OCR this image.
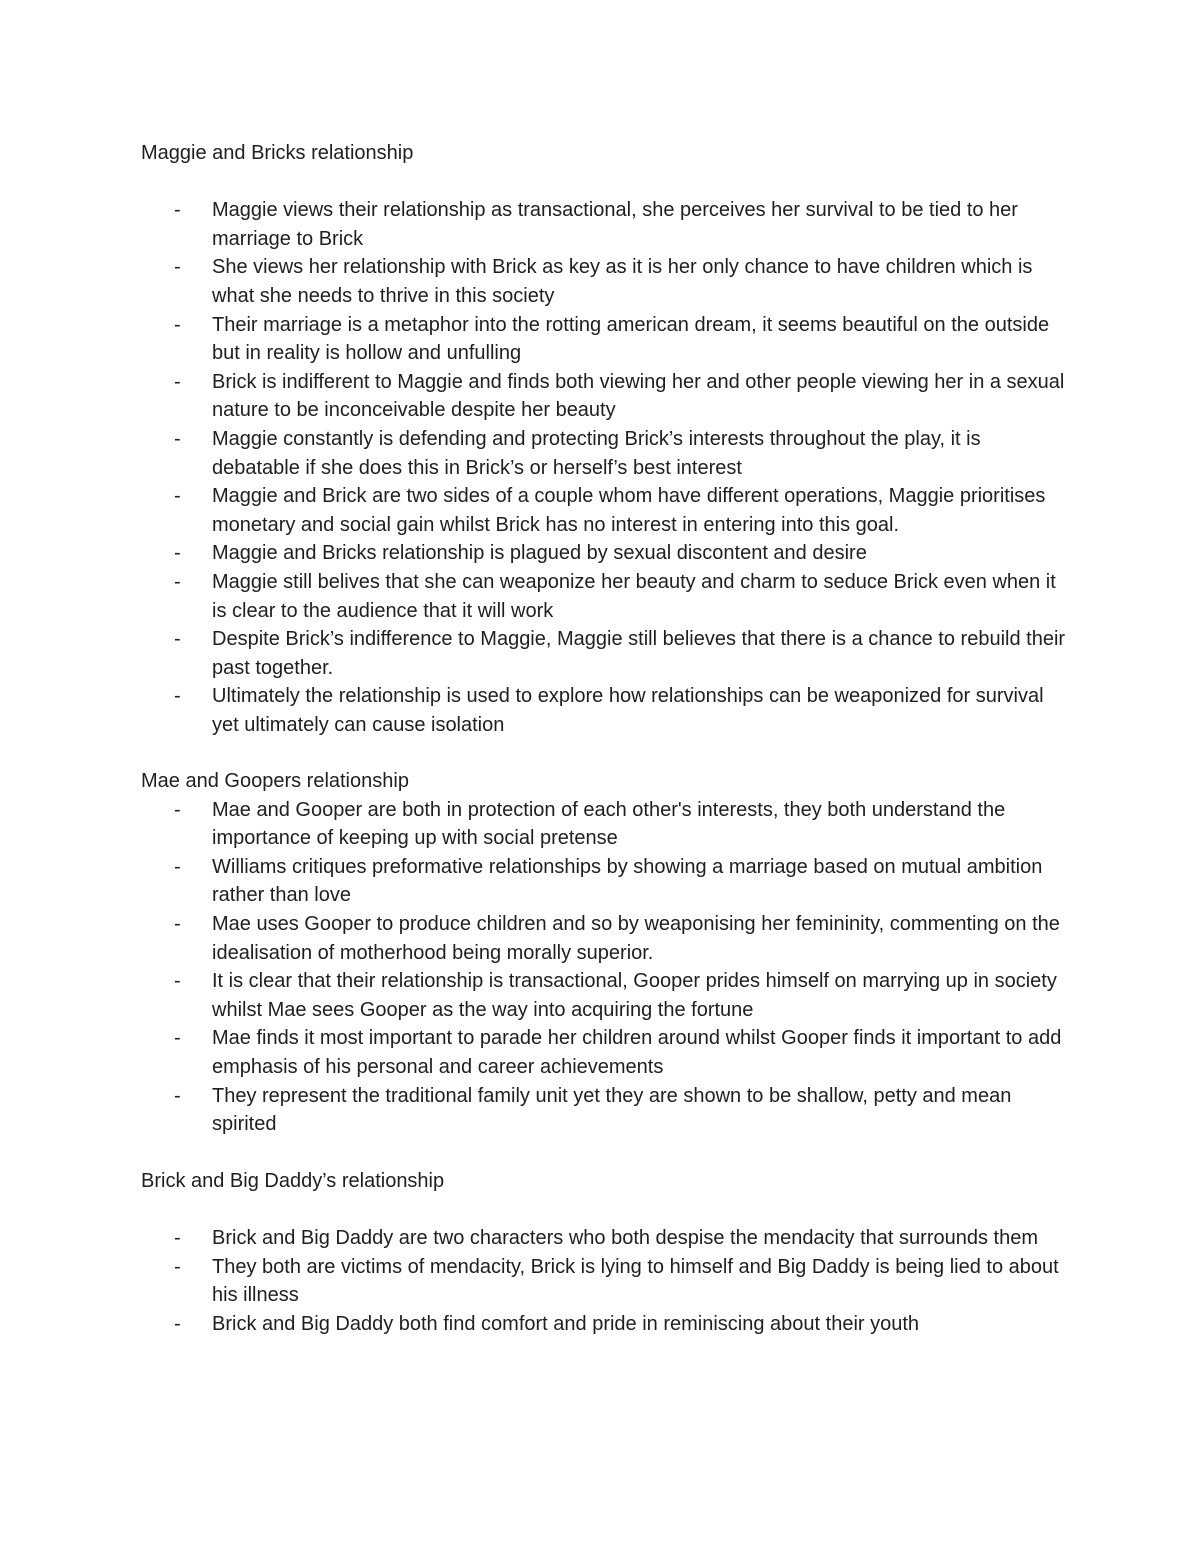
Maggie and Bricks relationship
- Maggie views their relationship as transactional, she perceives her survival to be tied to her marriage to Brick
- She views her relationship with Brick as key as it is her only chance to have children which is what she needs to thrive in this society
- Their marriage is a metaphor into the rotting american dream, it seems beautiful on the outside but in reality is hollow and unfulling
- Brick is indifferent to Maggie and finds both viewing her and other people viewing her in a sexual nature to be inconceivable despite her beauty
- Maggie constantly is defending and protecting Brick’s interests throughout the play, it is debatable if she does this in Brick’s or herself’s best interest
- Maggie and Brick are two sides of a couple whom have different operations, Maggie prioritises monetary and social gain whilst Brick has no interest in entering into this goal.
- Maggie and Bricks relationship is plagued by sexual discontent and desire
- Maggie still belives that she can weaponize her beauty and charm to seduce Brick even when it is clear to the audience that it will work
- Despite Brick’s indifference to Maggie, Maggie still believes that there is a chance to rebuild their past together.
- Ultimately the relationship is used to explore how relationships can be weaponized for survival yet ultimately can cause isolation
Mae and Goopers relationship
- Mae and Gooper are both in protection of each other's interests, they both understand the importance of keeping up with social pretense
- Williams critiques preformative relationships by showing a marriage based on mutual ambition rather than love
- Mae uses Gooper to produce children and so by weaponising her femininity, commenting on the idealisation of motherhood being morally superior.
- It is clear that their relationship is transactional, Gooper prides himself on marrying up in society whilst Mae sees Gooper as the way into acquiring the fortune
- Mae finds it most important to parade her children around whilst Gooper finds it important to add emphasis of his personal and career achievements
- They represent the traditional family unit yet they are shown to be shallow, petty and mean spirited
Brick and Big Daddy’s relationship
- Brick and Big Daddy are two characters who both despise the mendacity that surrounds them
- They both are victims of mendacity, Brick is lying to himself and Big Daddy is being lied to about his illness
- Brick and Big Daddy both find comfort and pride in reminiscing about their youth
